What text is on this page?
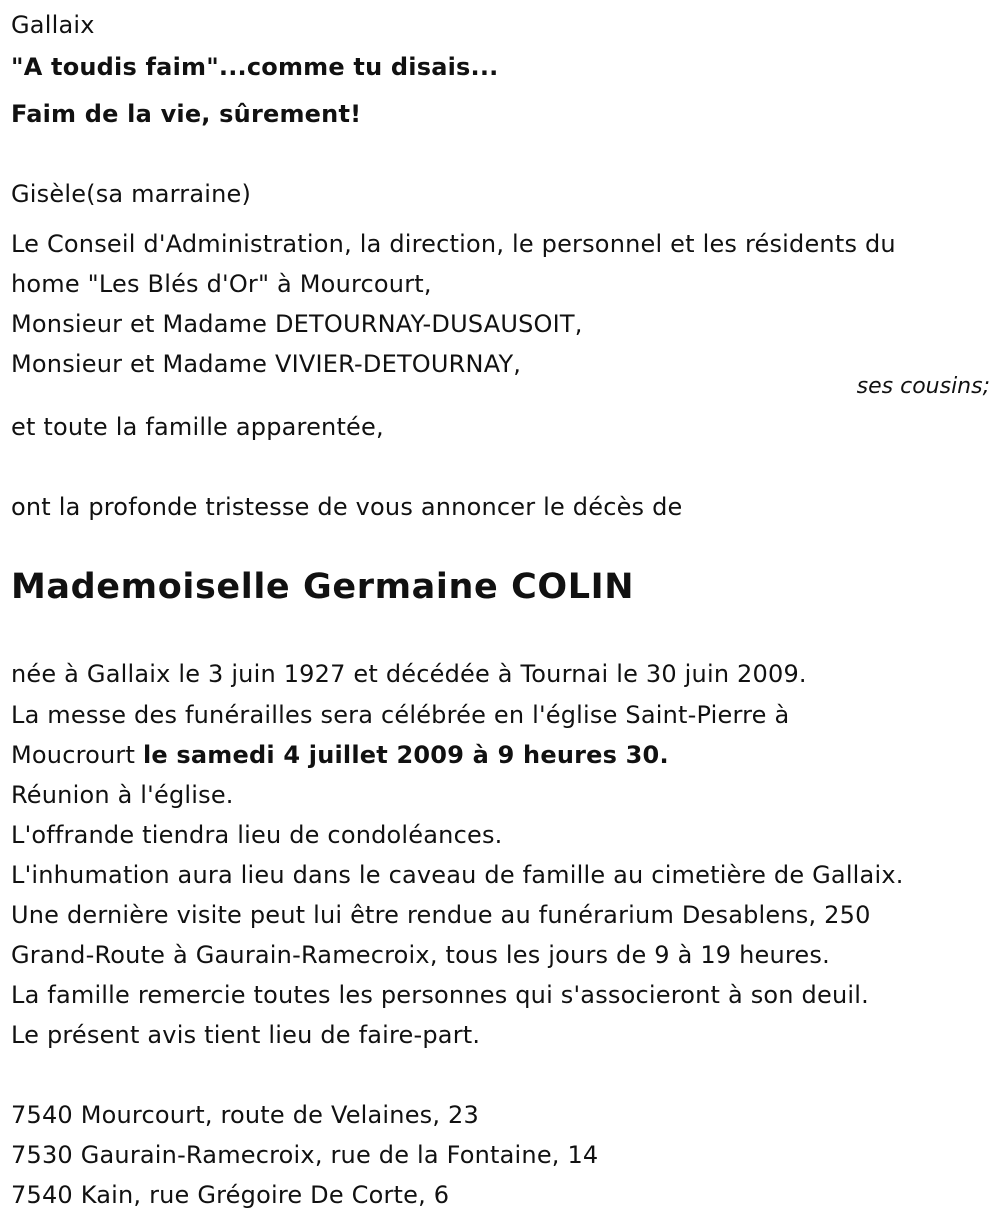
Gallaix
"A toudis faim"...comme tu disais...
Faim de la vie, sûrement!
Gisèle(sa marraine)
Le Conseil d'Administration, la direction, le personnel et les résidents du
home "Les Blés d'Or" à Mourcourt,
Monsieur et Madame DETOURNAY-DUSAUSOIT,
Monsieur et Madame VIVIER-DETOURNAY,
ses cousins;
et toute la famille apparentée,
ont la profonde tristesse de vous annoncer le décès de
Mademoiselle Germaine COLIN
née à Gallaix le 3 juin 1927 et décédée à Tournai le 30 juin 2009.
La messe des funérailles sera célébrée en l'église Saint-Pierre à
Moucrourt le samedi 4 juillet 2009 à 9 heures 30.
Réunion à l'église.
L'offrande tiendra lieu de condoléances.
L'inhumation aura lieu dans le caveau de famille au cimetière de Gallaix.
Une dernière visite peut lui être rendue au funérarium Desablens, 250
Grand-Route à Gaurain-Ramecroix, tous les jours de 9 à 19 heures.
La famille remercie toutes les personnes qui s'associeront à son deuil.
Le présent avis tient lieu de faire-part.
7540 Mourcourt, route de Velaines, 23
7530 Gaurain-Ramecroix, rue de la Fontaine, 14
7540 Kain, rue Grégoire De Corte, 6
